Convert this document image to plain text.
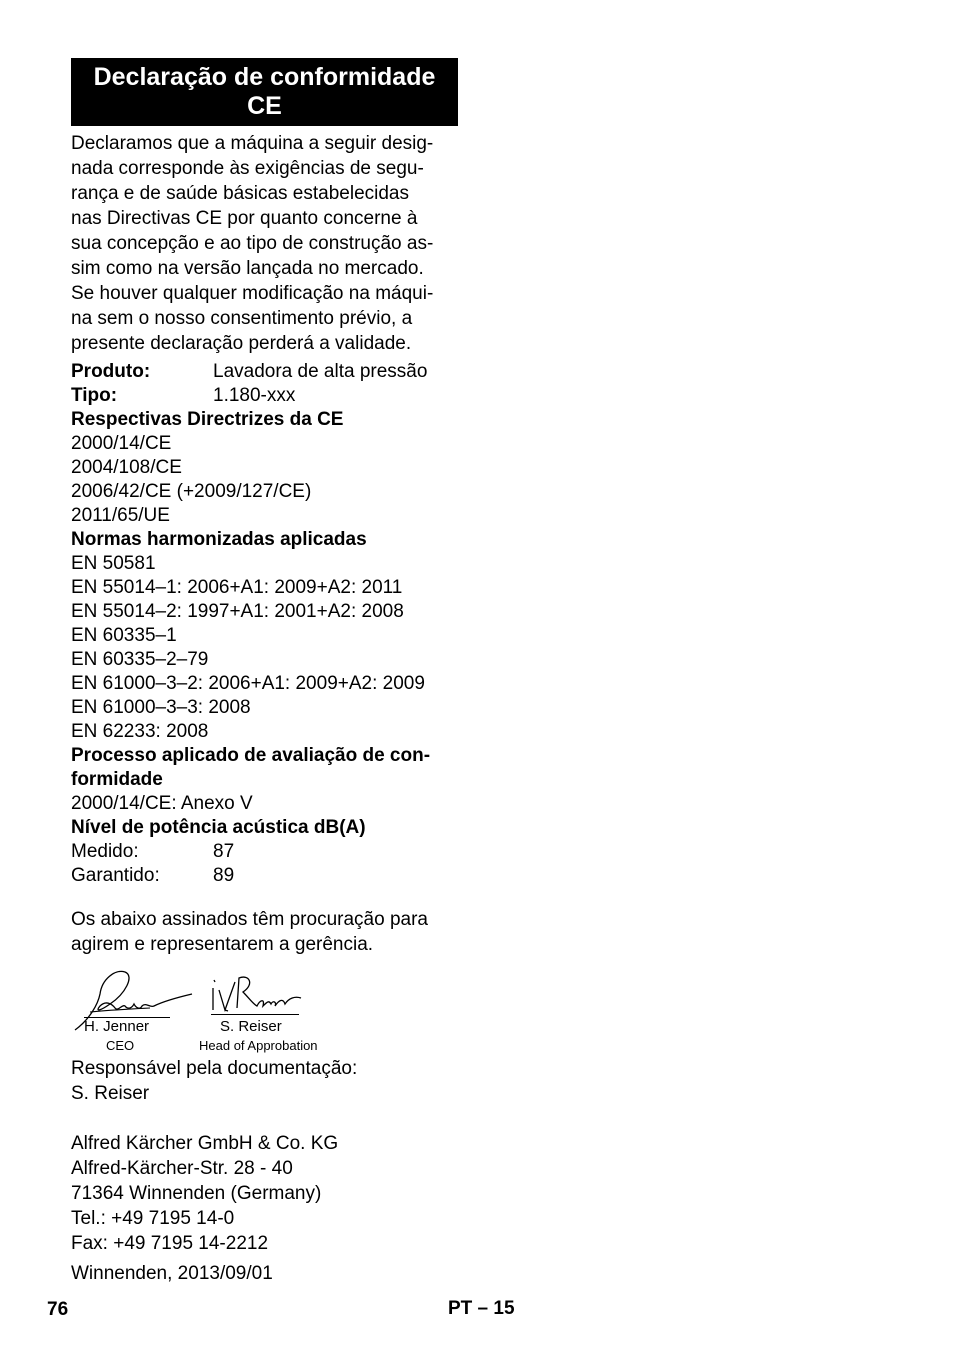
Declaração de conformidade
CE
Declaramos que a máquina a seguir desig-
nada corresponde às exigências de segu-
rança e de saúde básicas estabelecidas
nas Directivas CE por quanto concerne à
sua concepção e ao tipo de construção as-
sim como na versão lançada no mercado.
Se houver qualquer modificação na máqui-
na sem o nosso consentimento prévio, a
presente declaração perderá a validade.
Produto:	Lavadora de alta pressão
Tipo:	1.180-xxx
Respectivas Directrizes da CE
2000/14/CE
2004/108/CE
2006/42/CE (+2009/127/CE)
2011/65/UE
Normas harmonizadas aplicadas
EN 50581
EN 55014–1: 2006+A1: 2009+A2: 2011
EN 55014–2: 1997+A1: 2001+A2: 2008
EN 60335–1
EN 60335–2–79
EN 61000–3–2: 2006+A1: 2009+A2: 2009
EN 61000–3–3: 2008
EN 62233: 2008
Processo aplicado de avaliação de con-
formidade
2000/14/CE: Anexo V
Nível de potência acústica dB(A)
Medido:	87
Garantido:	89
Os abaixo assinados têm procuração para
agirem e representarem a gerência.
H. Jenner
CEO
S. Reiser
Head of Approbation
Responsável pela documentação:
S. Reiser
Alfred Kärcher GmbH & Co. KG
Alfred-Kärcher-Str. 28 - 40
71364 Winnenden (Germany)
Tel.: +49 7195 14-0
Fax: +49 7195 14-2212
Winnenden, 2013/09/01
76	PT – 15
